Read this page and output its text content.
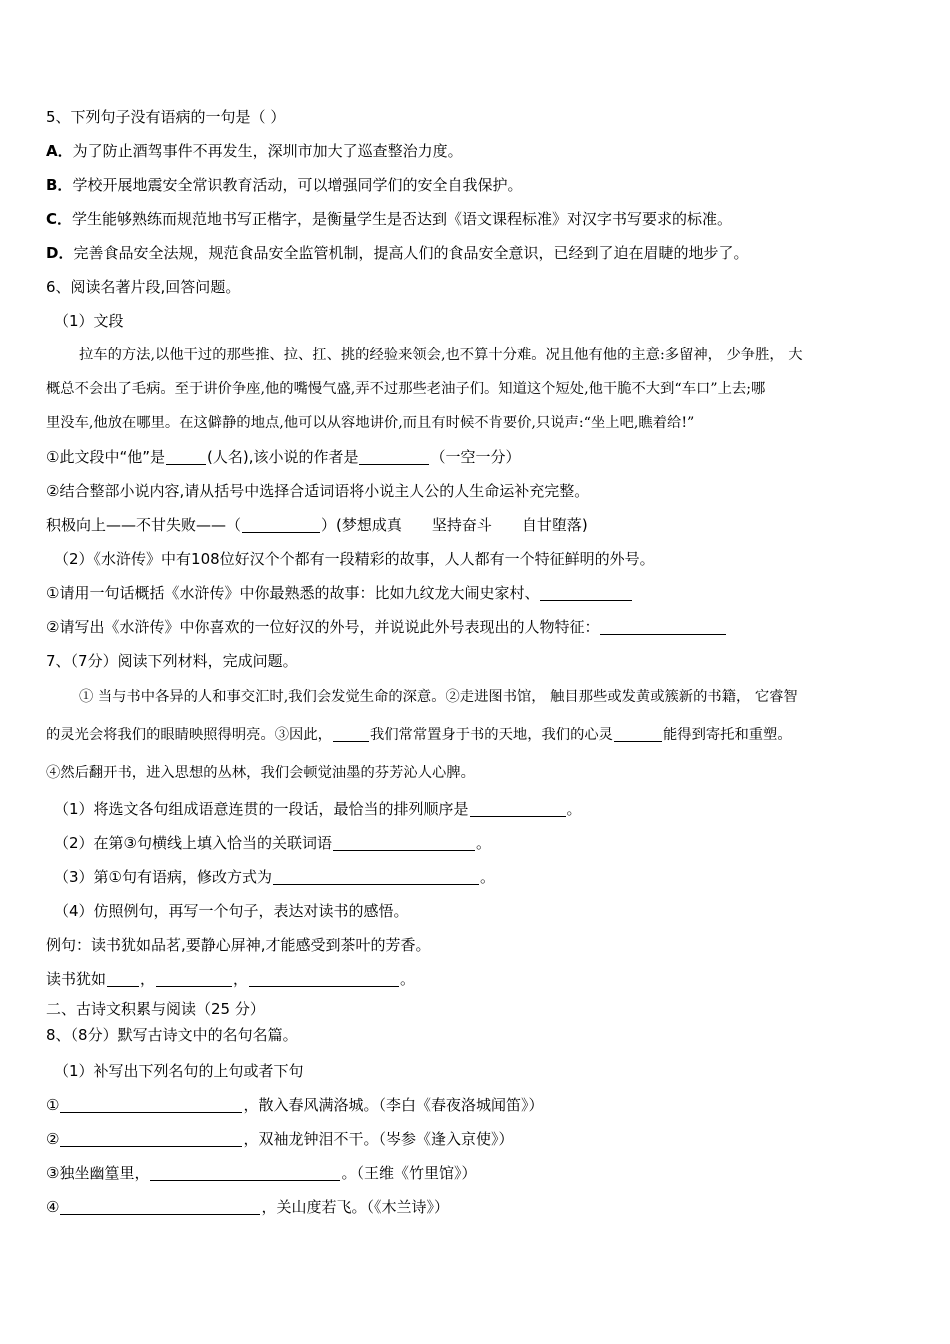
5、下列句子没有语病的一句是（ ）
A．为了防止酒驾事件不再发生，深圳市加大了巡查整治力度。
B．学校开展地震安全常识教育活动，可以增强同学们的安全自我保护。
C．学生能够熟练而规范地书写正楷字，是衡量学生是否达到《语文课程标准》对汉字书写要求的标准。
D．完善食品安全法规，规范食品安全监管机制，提高人们的食品安全意识，已经到了迫在眉睫的地步了。
6、阅读名著片段,回答问题。
（1）文段
拉车的方法,以他干过的那些推、拉、扛、挑的经验来领会,也不算十分难。况且他有他的主意:多留神， 少争胜， 大
概总不会出了毛病。至于讲价争座,他的嘴慢气盛,弄不过那些老油子们。知道这个短处,他干脆不大到“车口”上去;哪
里没车,他放在哪里。在这僻静的地点,他可以从容地讲价,而且有时候不肯要价,只说声:“坐上吧,瞧着给!”
①此文段中“他”是	(人名),该小说的作者是	（一空一分）
②结合整部小说内容,请从括号中选择合适词语将小说主人公的人生命运补充完整。
积极向上——不甘失败——（	）(梦想成真　　坚持奋斗　　自甘堕落)
（2）《水浒传》中有108位好汉个个都有一段精彩的故事，人人都有一个特征鲜明的外号。
①请用一句话概括《水浒传》中你最熟悉的故事：比如九纹龙大闹史家村、
②请写出《水浒传》中你喜欢的一位好汉的外号，并说说此外号表现出的人物特征：
7、（7分）阅读下列材料，完成问题。
① 当与书中各异的人和事交汇时,我们会发觉生命的深意。②走进图书馆， 触目那些或发黄或簇新的书籍， 它睿智
的灵光会将我们的眼睛映照得明亮。③因此，	我们常常置身于书的天地，我们的心灵	能得到寄托和重塑。
④然后翻开书，进入思想的丛林，我们会顿觉油墨的芬芳沁人心脾。
（1）将选文各句组成语意连贯的一段话，最恰当的排列顺序是	。
（2）在第③句横线上填入恰当的关联词语	。
（3）第①句有语病，修改方式为	。
（4）仿照例句，再写一个句子，表达对读书的感悟。
例句：读书犹如品茗,要静心屏神,才能感受到茶叶的芳香。
读书犹如 ，	，	。
二、古诗文积累与阅读（25 分）
8、（8分）默写古诗文中的名句名篇。
（1）补写出下列名句的上句或者下句
①	，散入春风满洛城。（李白《春夜洛城闻笛》）
②	，双袖龙钟泪不干。（岑参《逢入京使》）
③独坐幽篁里，	。（王维《竹里馆》）
④	，关山度若飞。（《木兰诗》）
